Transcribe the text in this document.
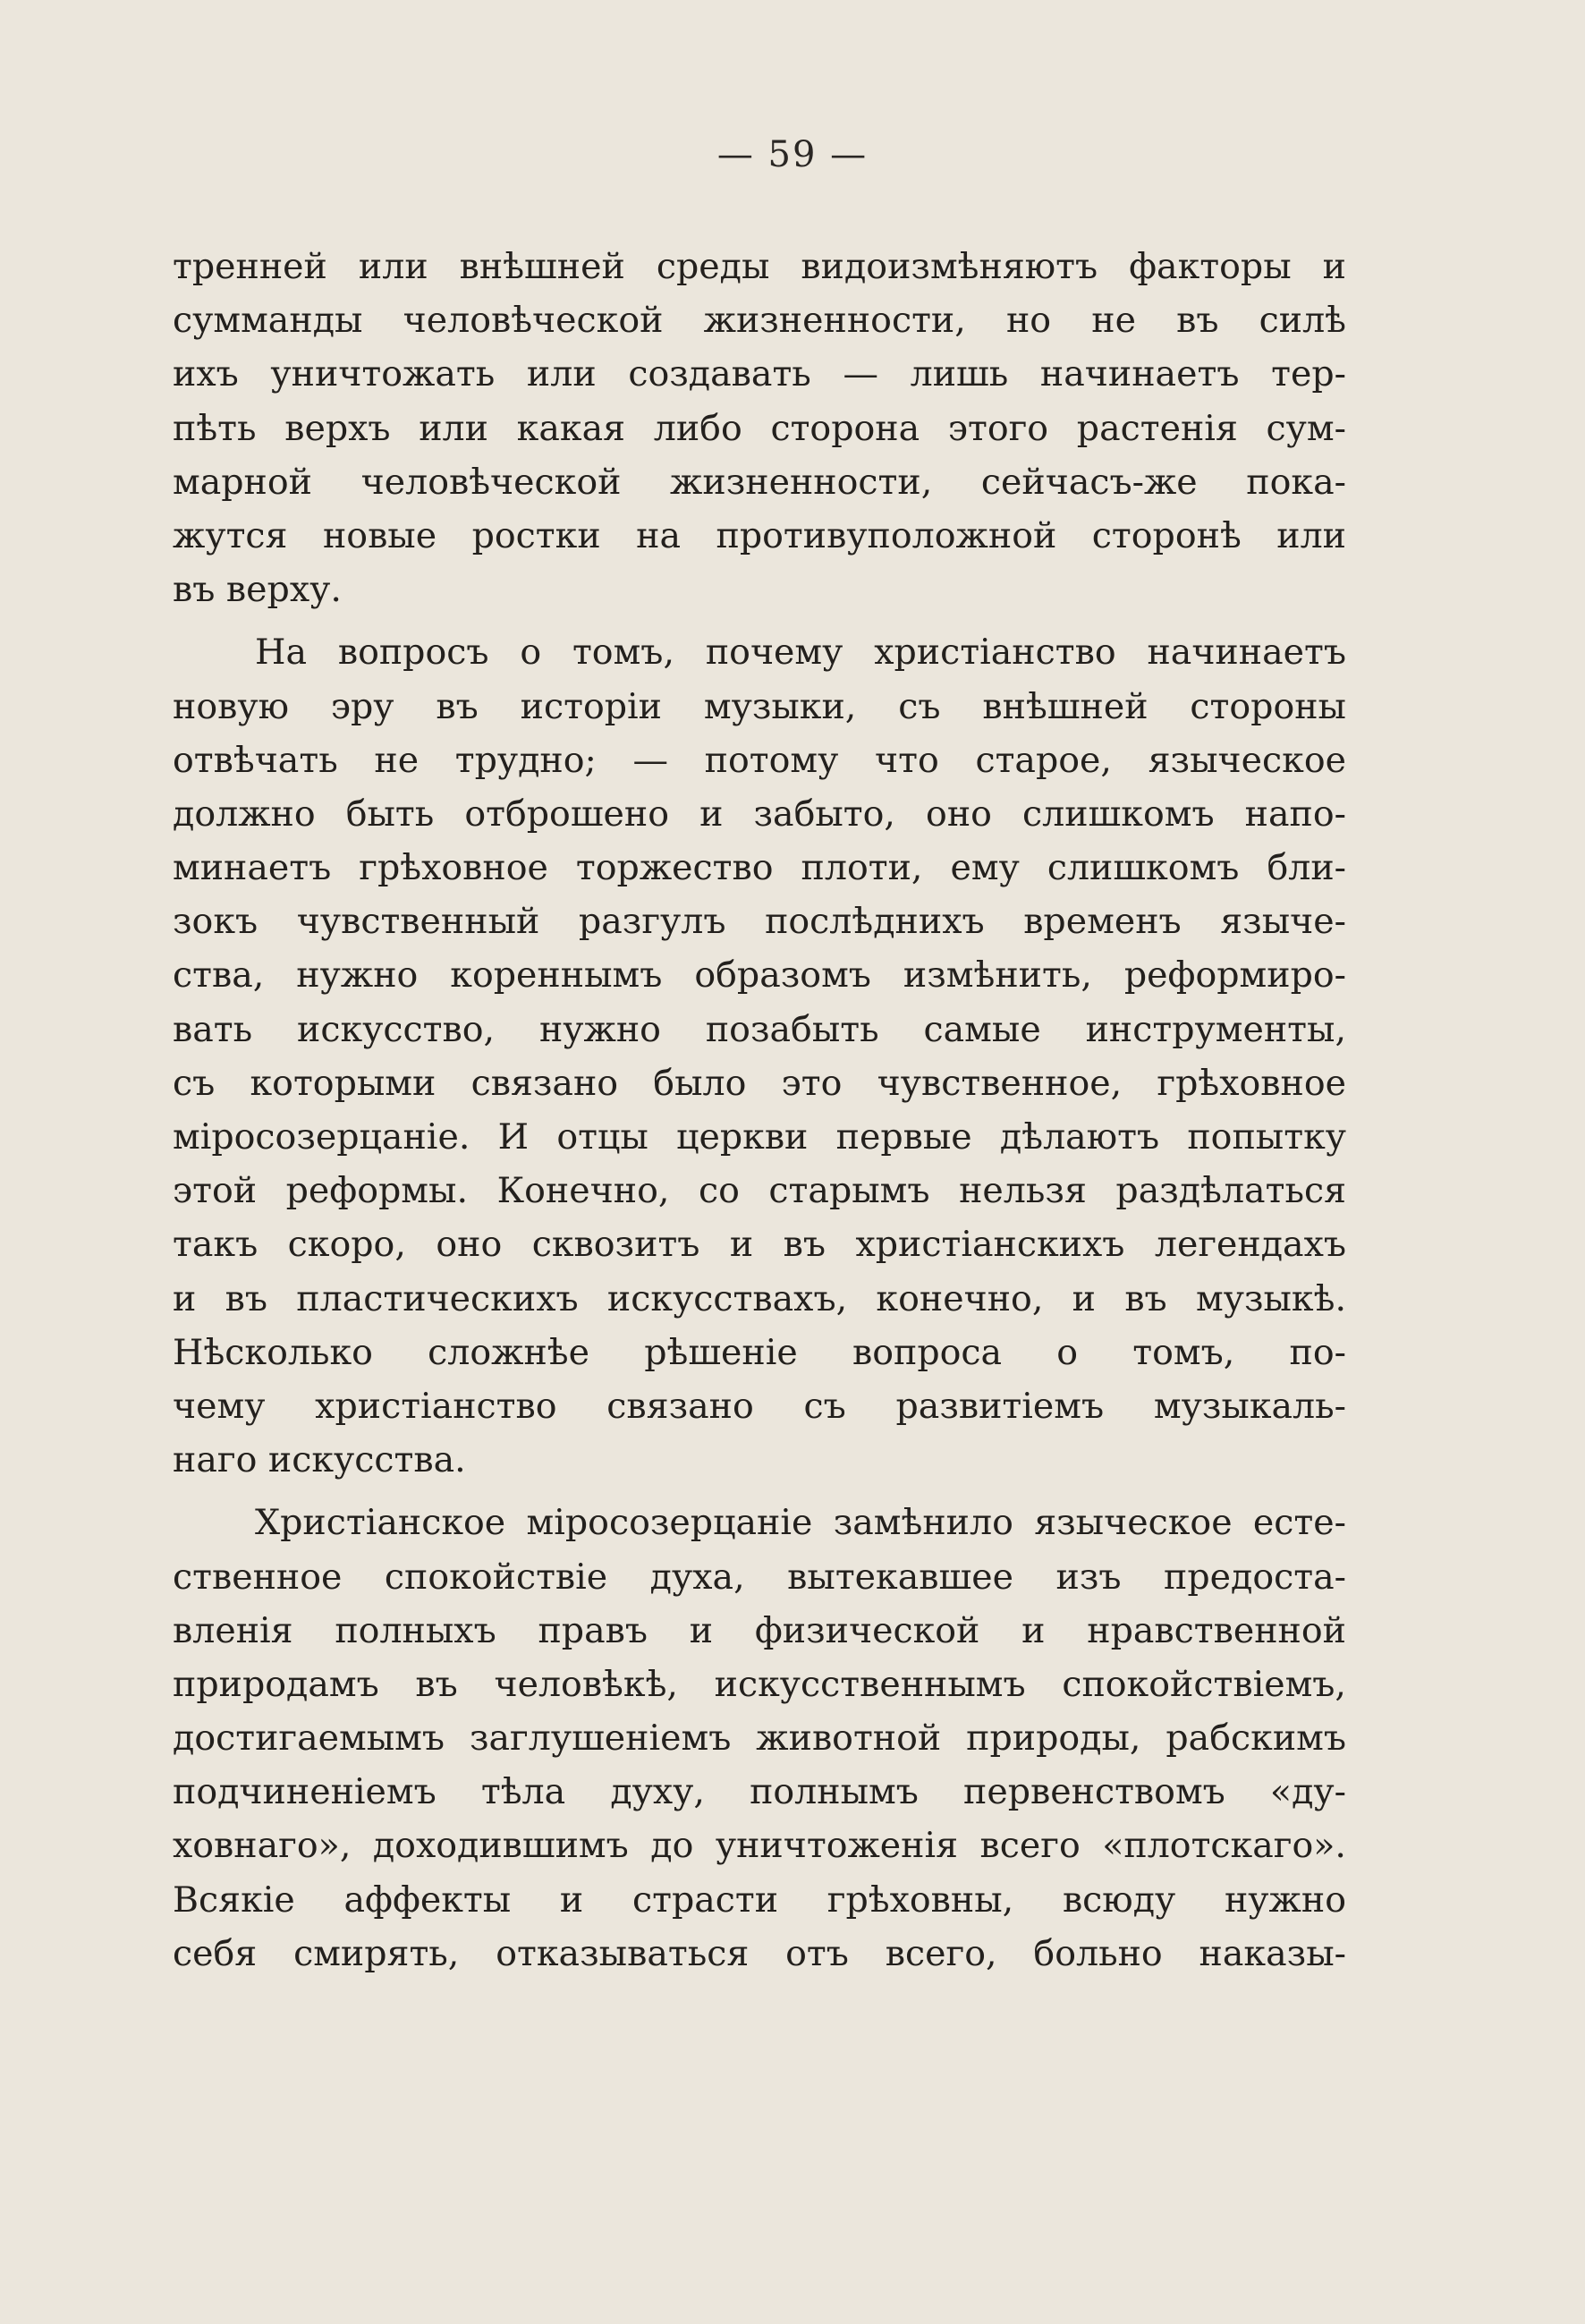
— 59 —
тренней или внѣшней среды видоизмѣняютъ факторы и
сумманды человѣческой жизненности, но не въ силѣ
ихъ уничтожать или создавать — лишь начинаетъ тер-
пѣть верхъ или какая либо сторона этого растенія сум-
марной человѣческой жизненности, сейчасъ-же пока-
жутся новые ростки на противуположной сторонѣ или
въ верху.
На вопросъ о томъ, почему христіанство начинаетъ
новую эру въ исторіи музыки, съ внѣшней стороны
отвѣчать не трудно; — потому что старое, языческое
должно быть отброшено и забыто, оно слишкомъ напо-
минаетъ грѣховное торжество плоти, ему слишкомъ бли-
зокъ чувственный разгулъ послѣднихъ временъ языче-
ства, нужно кореннымъ образомъ измѣнить, реформиро-
вать искусство, нужно позабыть самые инструменты,
съ которыми связано было это чувственное, грѣховное
міросозерцаніе. И отцы церкви первые дѣлаютъ попытку
этой реформы. Конечно, со старымъ нельзя раздѣлаться
такъ скоро, оно сквозитъ и въ христіанскихъ легендахъ
и въ пластическихъ искусствахъ, конечно, и въ музыкѣ.
Нѣсколько сложнѣе рѣшеніе вопроса о томъ, по-
чему христіанство связано съ развитіемъ музыкаль-
наго искусства.
Христіанское міросозерцаніе замѣнило языческое есте-
ственное спокойствіе духа, вытекавшее изъ предоста-
вленія полныхъ правъ и физической и нравственной
природамъ въ человѣкѣ, искусственнымъ спокойствіемъ,
достигаемымъ заглушеніемъ животной природы, рабскимъ
подчиненіемъ тѣла духу, полнымъ первенствомъ «ду-
ховнаго», доходившимъ до уничтоженія всего «плотскаго».
Всякіе аффекты и страсти грѣховны, всюду нужно
себя смирять, отказываться отъ всего, больно наказы-
